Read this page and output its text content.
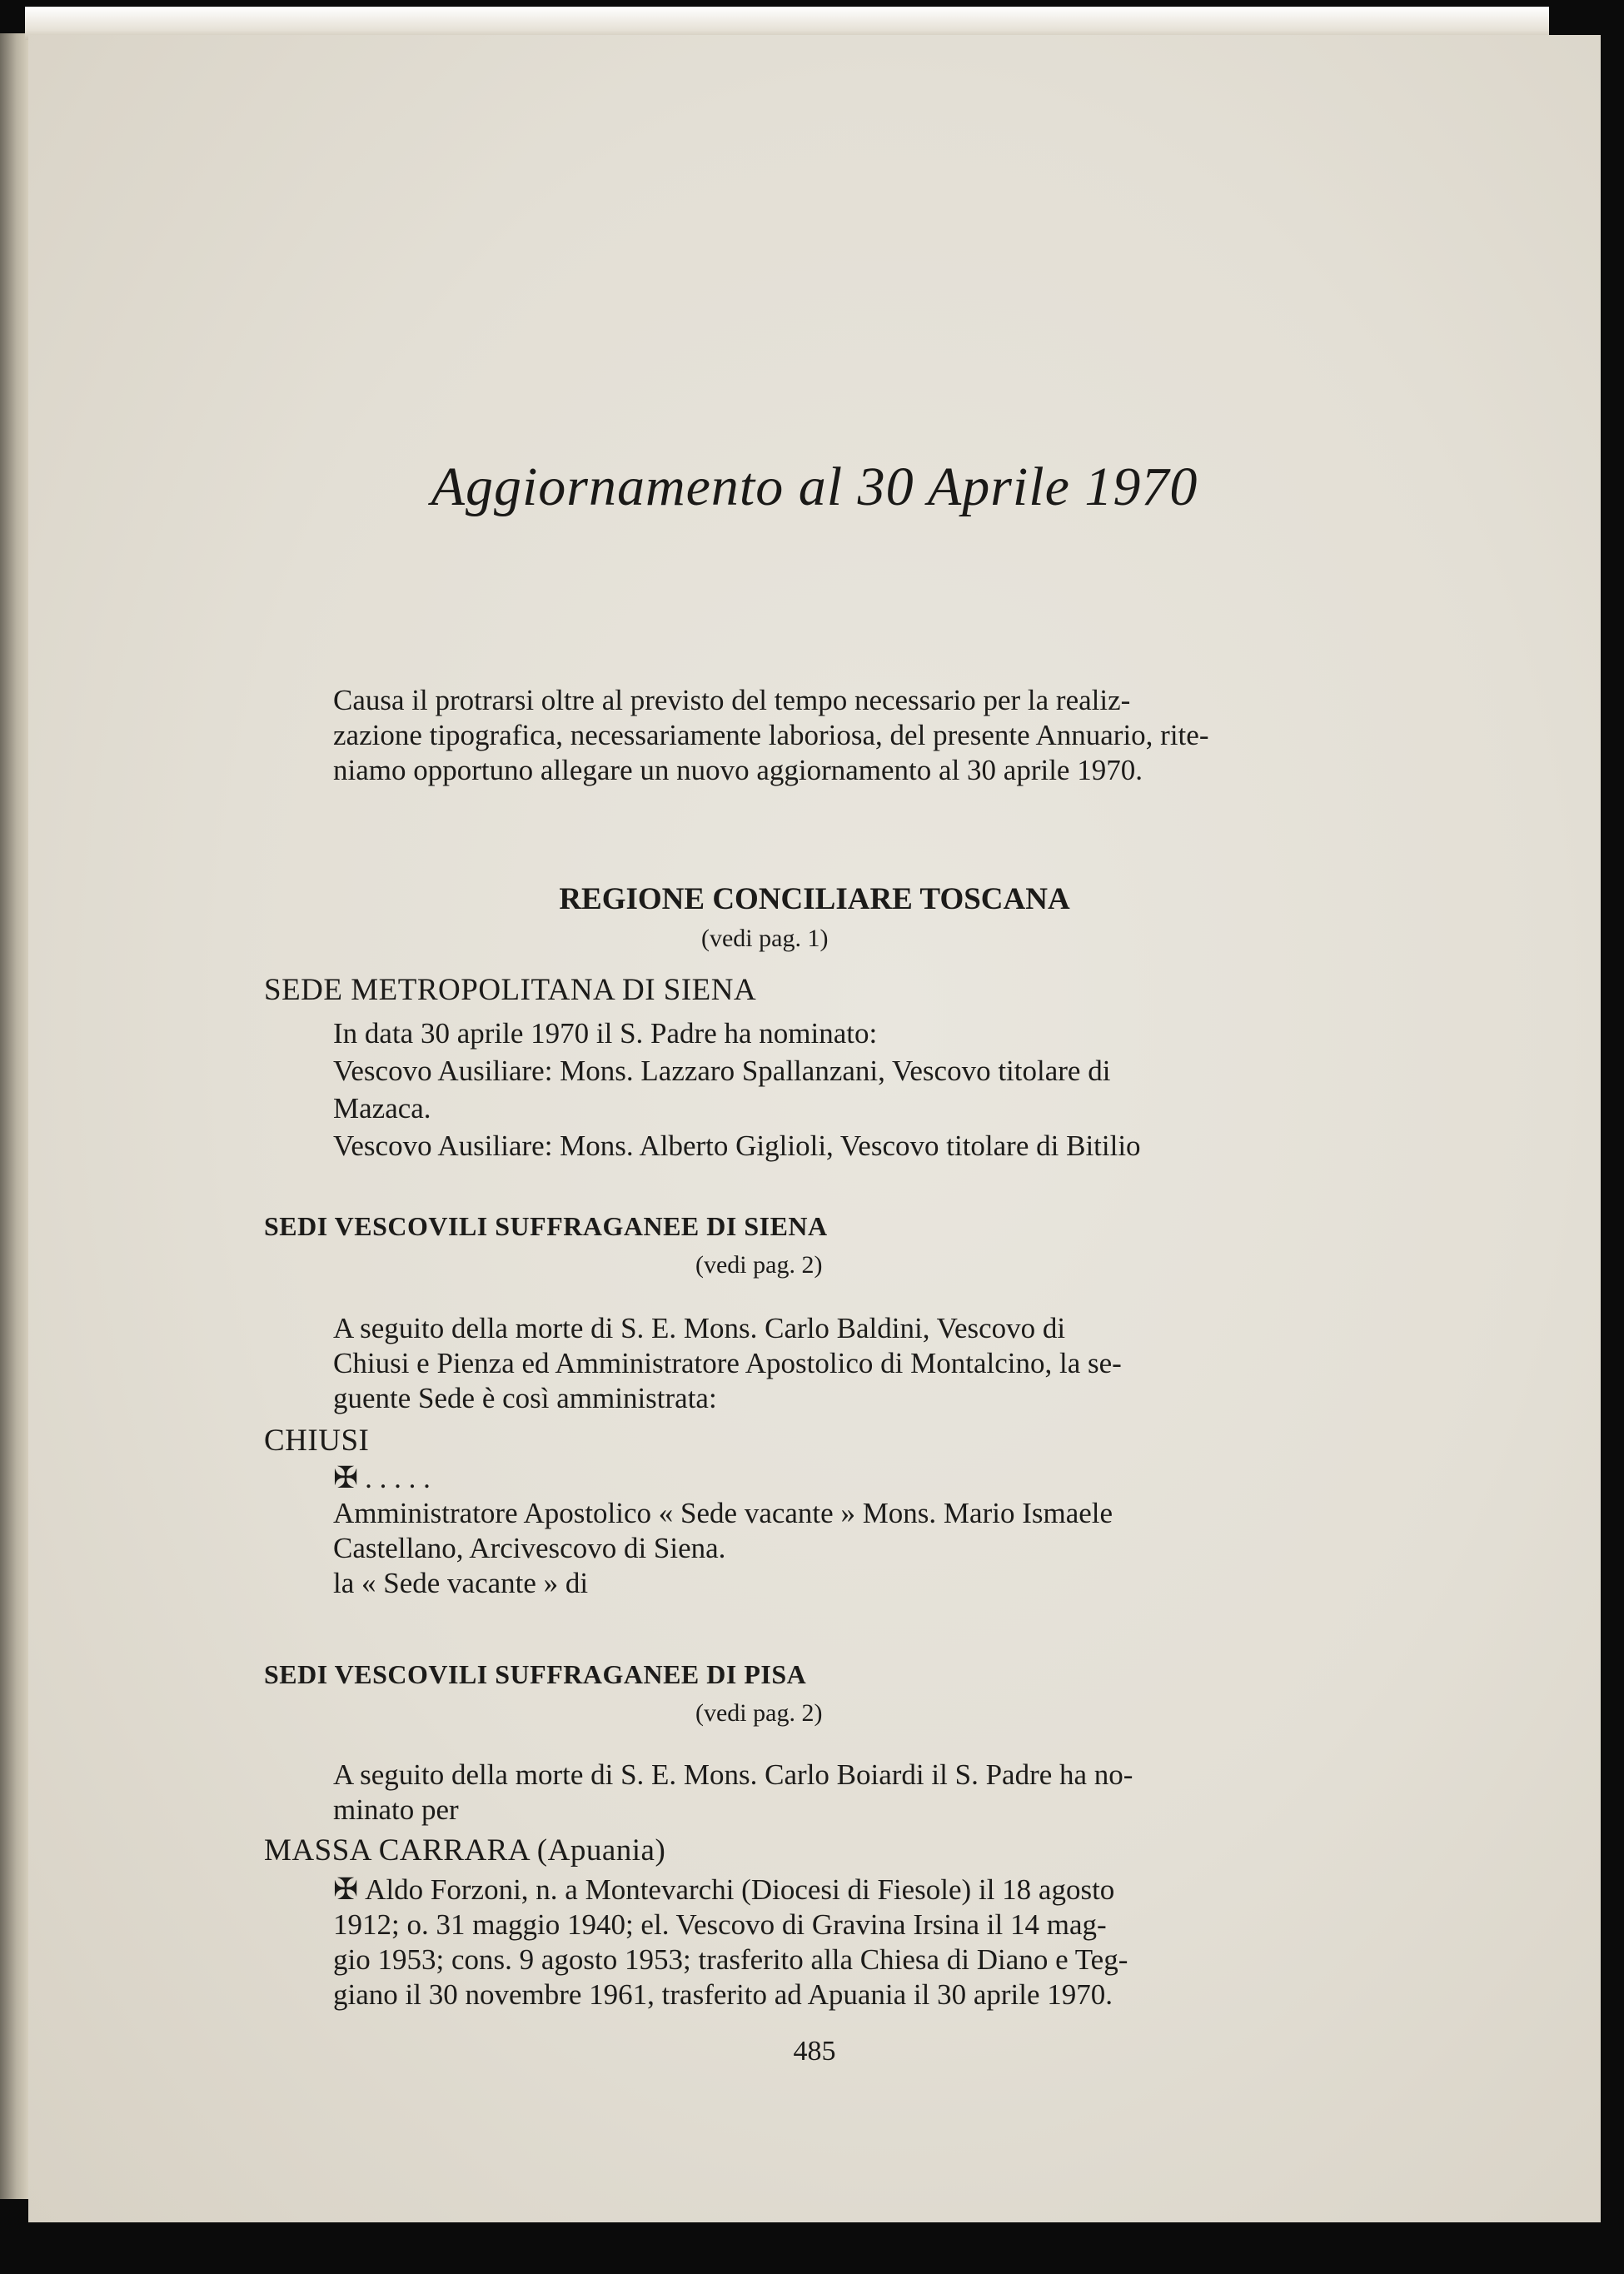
Aggiornamento al 30 Aprile 1970
Causa il protrarsi oltre al previsto del tempo necessario per la realiz-
zazione tipografica, necessariamente laboriosa, del presente Annuario, rite-
niamo opportuno allegare un nuovo aggiornamento al 30 aprile 1970.
REGIONE CONCILIARE TOSCANA
(vedi pag. 1)
SEDE METROPOLITANA DI SIENA
In data 30 aprile 1970 il S. Padre ha nominato:
Vescovo Ausiliare: Mons. Lazzaro Spallanzani, Vescovo titolare di
Mazaca.
Vescovo Ausiliare: Mons. Alberto Giglioli, Vescovo titolare di Bitilio
SEDI VESCOVILI SUFFRAGANEE DI SIENA
(vedi pag. 2)
A seguito della morte di S. E. Mons. Carlo Baldini, Vescovo di
Chiusi e Pienza ed Amministratore Apostolico di Montalcino, la se-
guente Sede è così amministrata:
CHIUSI
✠ . . . . .
Amministratore Apostolico « Sede vacante » Mons. Mario Ismaele
Castellano, Arcivescovo di Siena.
la « Sede vacante » di
SEDI VESCOVILI SUFFRAGANEE DI PISA
(vedi pag. 2)
A seguito della morte di S. E. Mons. Carlo Boiardi il S. Padre ha no-
minato per
MASSA CARRARA (Apuania)
✠ Aldo Forzoni, n. a Montevarchi (Diocesi di Fiesole) il 18 agosto
1912; o. 31 maggio 1940; el. Vescovo di Gravina Irsina il 14 mag-
gio 1953; cons. 9 agosto 1953; trasferito alla Chiesa di Diano e Teg-
giano il 30 novembre 1961, trasferito ad Apuania il 30 aprile 1970.
485
